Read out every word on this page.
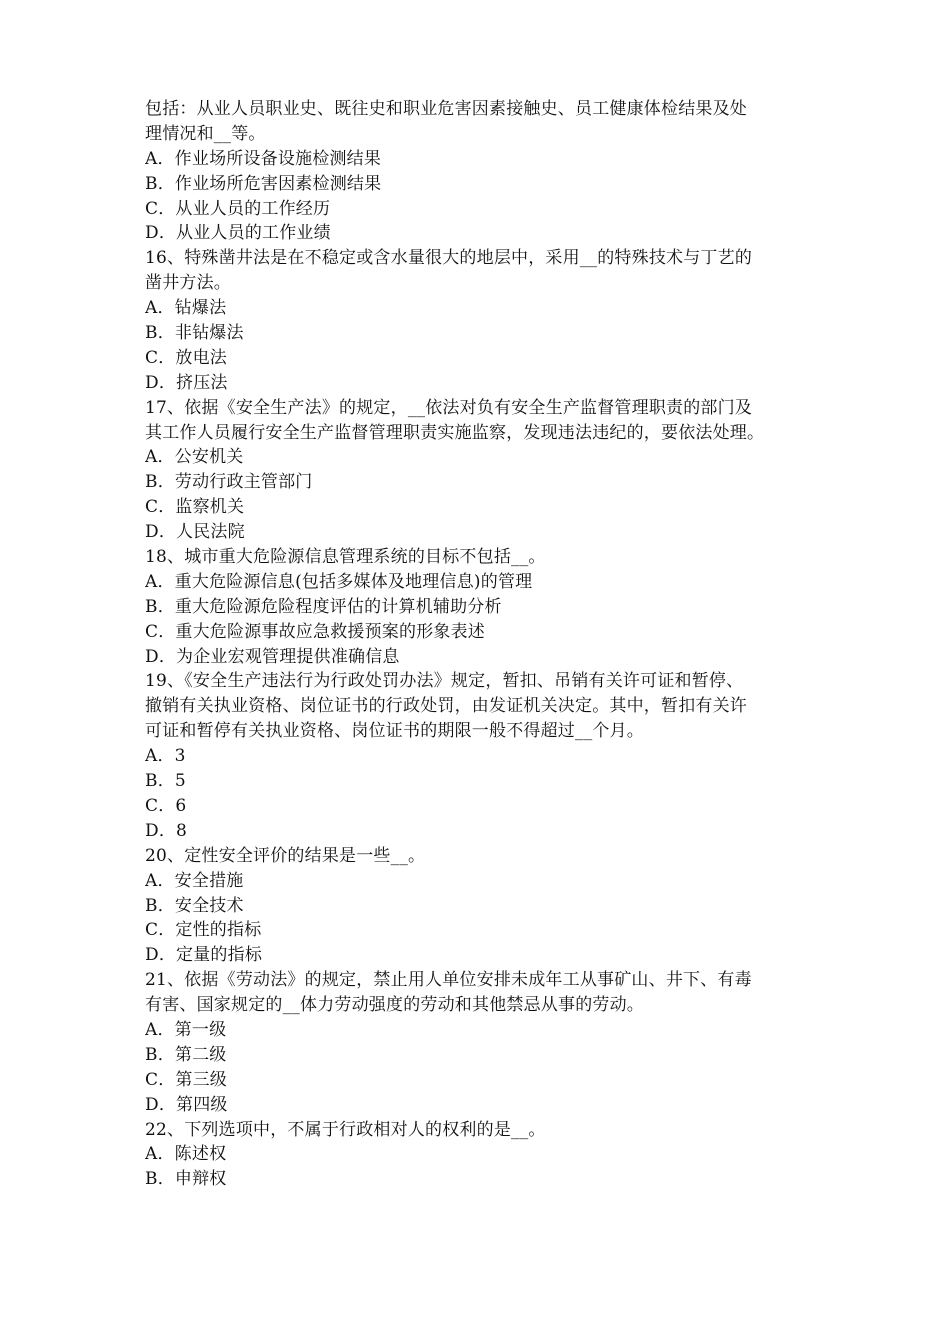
包括：从业人员职业史、既往史和职业危害因素接触史、员工健康体检结果及处
理情况和__等。
A．作业场所设备设施检测结果
B．作业场所危害因素检测结果
C．从业人员的工作经历
D．从业人员的工作业绩
16、特殊凿井法是在不稳定或含水量很大的地层中，采用__的特殊技术与丁艺的
凿井方法。
A．钻爆法
B．非钻爆法
C．放电法
D．挤压法
17、依据《安全生产法》的规定，__依法对负有安全生产监督管理职责的部门及
其工作人员履行安全生产监督管理职责实施监察，发现违法违纪的，要依法处理。
A．公安机关
B．劳动行政主管部门
C．监察机关
D．人民法院
18、城市重大危险源信息管理系统的目标不包括__。
A．重大危险源信息(包括多媒体及地理信息)的管理
B．重大危险源危险程度评估的计算机辅助分析
C．重大危险源事故应急救援预案的形象表述
D．为企业宏观管理提供准确信息
19、《安全生产违法行为行政处罚办法》规定，暂扣、吊销有关许可证和暂停、
撤销有关执业资格、岗位证书的行政处罚，由发证机关决定。其中，暂扣有关许
可证和暂停有关执业资格、岗位证书的期限一般不得超过__个月。
A．3
B．5
C．6
D．8
20、定性安全评价的结果是一些__。
A．安全措施
B．安全技术
C．定性的指标
D．定量的指标
21、依据《劳动法》的规定，禁止用人单位安排未成年工从事矿山、井下、有毒
有害、国家规定的__体力劳动强度的劳动和其他禁忌从事的劳动。
A．第一级
B．第二级
C．第三级
D．第四级
22、下列选项中，不属于行政相对人的权利的是__。
A．陈述权
B．申辩权
